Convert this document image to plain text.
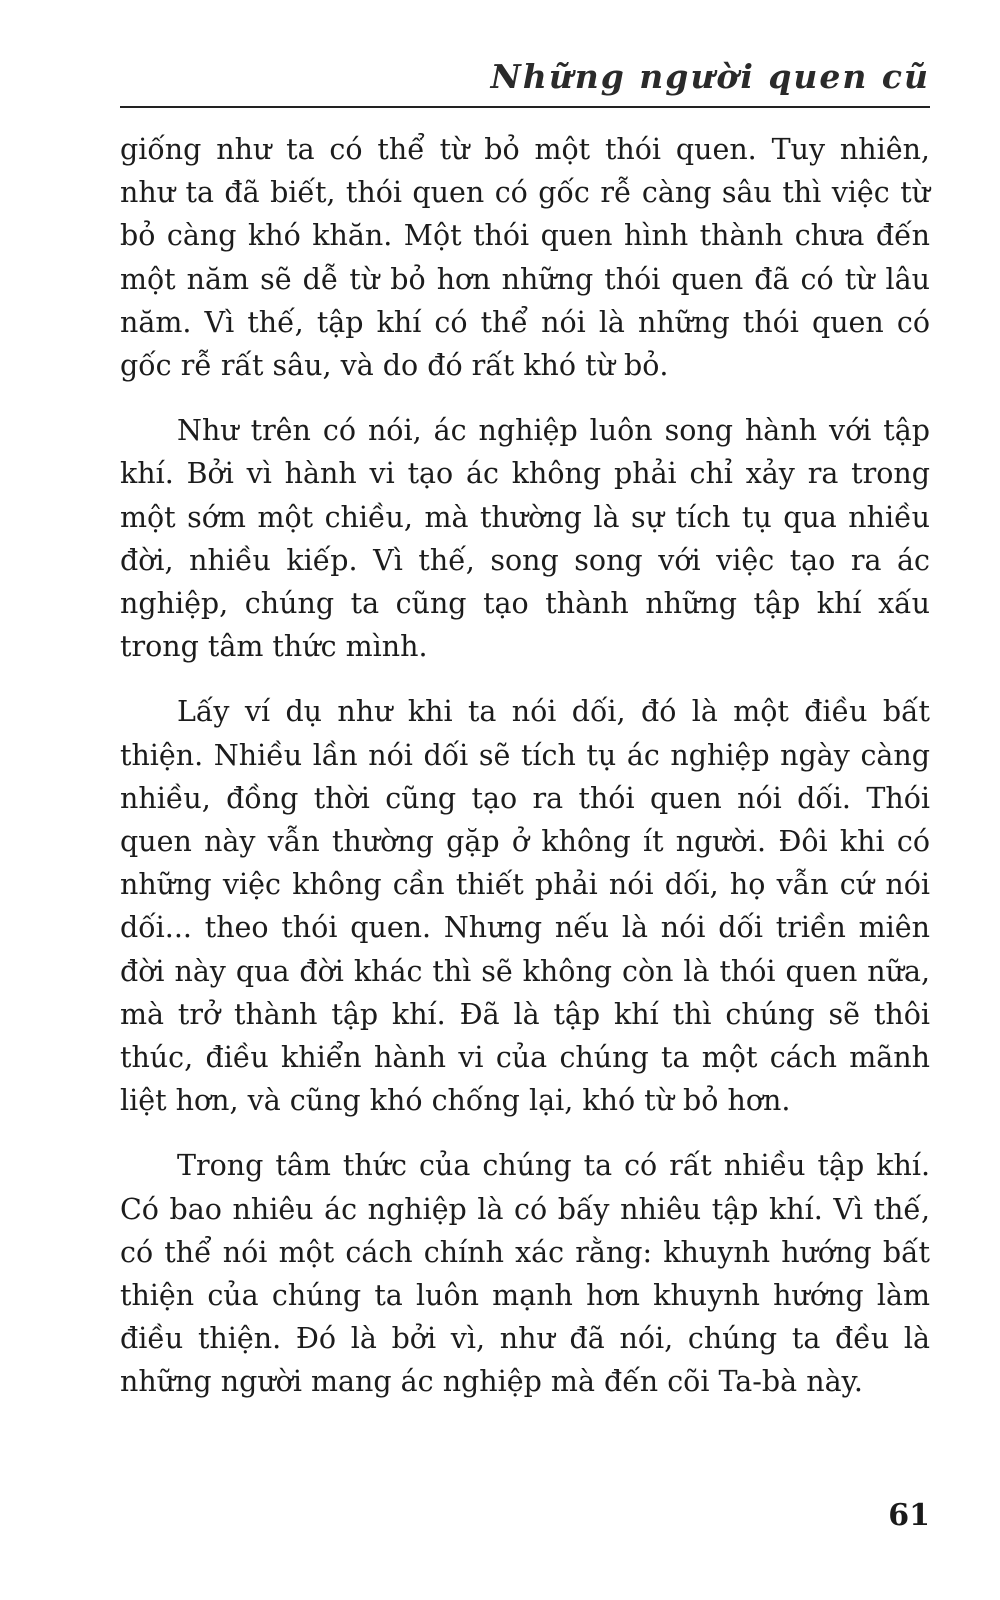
Những người quen cũ

giống như ta có thể từ bỏ một thói quen. Tuy nhiên, như ta đã biết, thói quen có gốc rễ càng sâu thì việc từ bỏ càng khó khăn. Một thói quen hình thành chưa đến một năm sẽ dễ từ bỏ hơn những thói quen đã có từ lâu năm. Vì thế, tập khí có thể nói là những thói quen có gốc rễ rất sâu, và do đó rất khó từ bỏ.

Như trên có nói, ác nghiệp luôn song hành với tập khí. Bởi vì hành vi tạo ác không phải chỉ xảy ra trong một sớm một chiều, mà thường là sự tích tụ qua nhiều đời, nhiều kiếp. Vì thế, song song với việc tạo ra ác nghiệp, chúng ta cũng tạo thành những tập khí xấu trong tâm thức mình.

Lấy ví dụ như khi ta nói dối, đó là một điều bất thiện. Nhiều lần nói dối sẽ tích tụ ác nghiệp ngày càng nhiều, đồng thời cũng tạo ra thói quen nói dối. Thói quen này vẫn thường gặp ở không ít người. Đôi khi có những việc không cần thiết phải nói dối, họ vẫn cứ nói dối... theo thói quen. Nhưng nếu là nói dối triền miên đời này qua đời khác thì sẽ không còn là thói quen nữa, mà trở thành tập khí. Đã là tập khí thì chúng sẽ thôi thúc, điều khiển hành vi của chúng ta một cách mãnh liệt hơn, và cũng khó chống lại, khó từ bỏ hơn.

Trong tâm thức của chúng ta có rất nhiều tập khí. Có bao nhiêu ác nghiệp là có bấy nhiêu tập khí. Vì thế, có thể nói một cách chính xác rằng: khuynh hướng bất thiện của chúng ta luôn mạnh hơn khuynh hướng làm điều thiện. Đó là bởi vì, như đã nói, chúng ta đều là những người mang ác nghiệp mà đến cõi Ta-bà này.

61
